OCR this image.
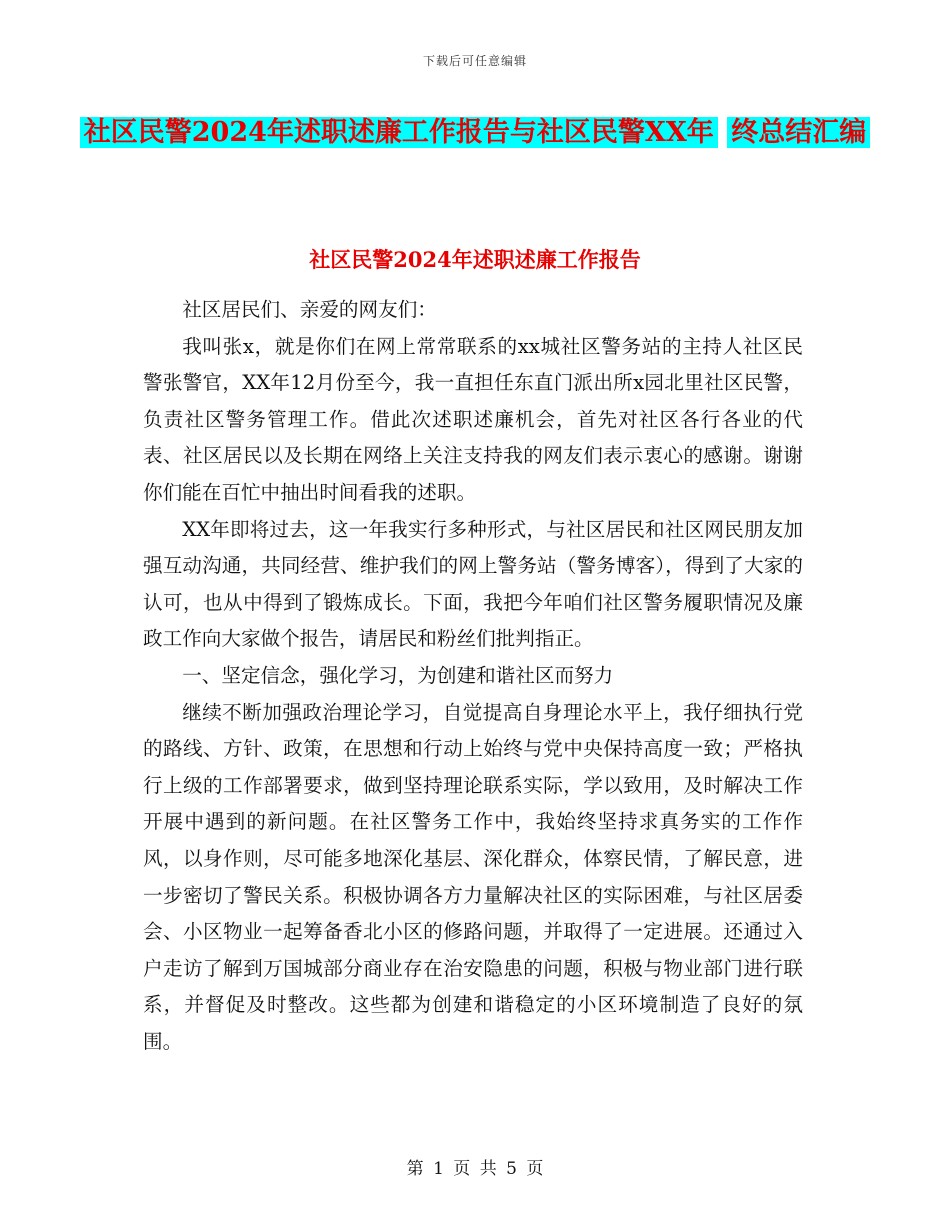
下载后可任意编辑
社区民警2024年述职述廉工作报告与社区民警XX年 终总结汇编
社区民警2024年述职述廉工作报告

社区居民们、亲爱的网友们：

我叫张x，就是你们在网上常常联系的xx城社区警务站的主持人社区民警张警官，XX年12月份至今，我一直担任东直门派出所x园北里社区民警，负责社区警务管理工作。借此次述职述廉机会，首先对社区各行各业的代表、社区居民以及长期在网络上关注支持我的网友们表示衷心的感谢。谢谢你们能在百忙中抽出时间看我的述职。

XX年即将过去，这一年我实行多种形式，与社区居民和社区网民朋友加强互动沟通，共同经营、维护我们的网上警务站（警务博客），得到了大家的认可，也从中得到了锻炼成长。下面，我把今年咱们社区警务履职情况及廉政工作向大家做个报告，请居民和粉丝们批判指正。

一、坚定信念，强化学习，为创建和谐社区而努力

继续不断加强政治理论学习，自觉提高自身理论水平上，我仔细执行党的路线、方针、政策，在思想和行动上始终与党中央保持高度一致；严格执行上级的工作部署要求，做到坚持理论联系实际，学以致用，及时解决工作开展中遇到的新问题。在社区警务工作中，我始终坚持求真务实的工作作风，以身作则，尽可能多地深化基层、深化群众，体察民情，了解民意，进一步密切了警民关系。积极协调各方力量解决社区的实际困难，与社区居委会、小区物业一起筹备香北小区的修路问题，并取得了一定进展。还通过入户走访了解到万国城部分商业存在治安隐患的问题，积极与物业部门进行联系，并督促及时整改。这些都为创建和谐稳定的小区环境制造了良好的氛围。

第 1 页 共 5 页
